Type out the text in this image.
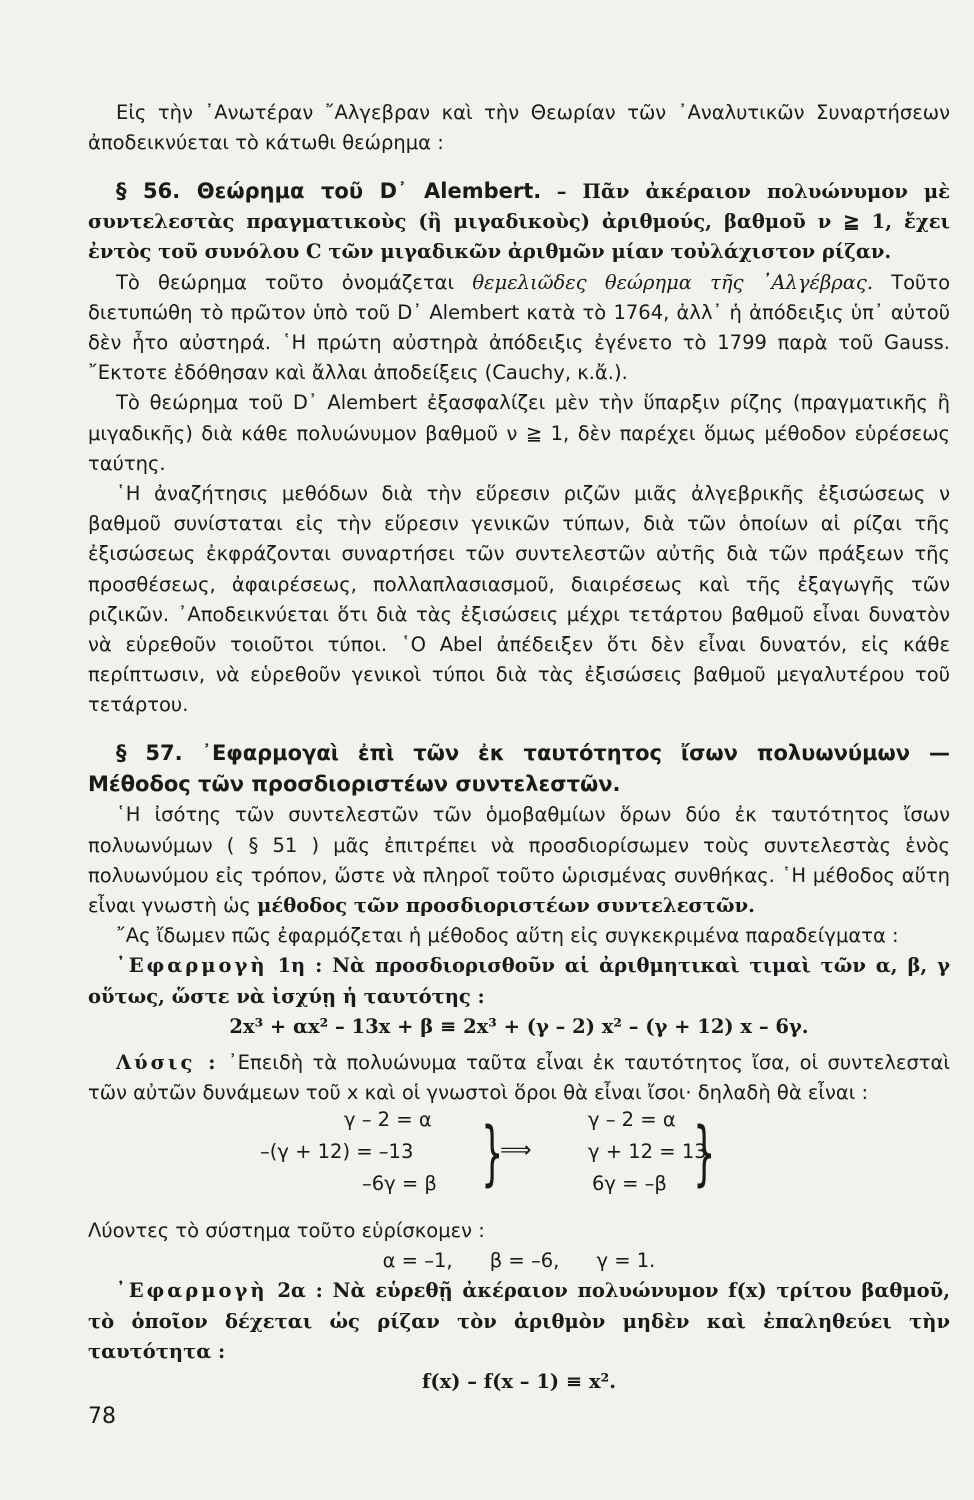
Εἰς τὴν ᾿Ανωτέραν ῎Αλγεβραν καὶ τὴν Θεωρίαν τῶν ᾿Αναλυτικῶν Συναρτήσεων ἀποδεικνύεται τὸ κάτωθι θεώρημα :

§ 56. Θεώρημα τοῦ D᾿ Alembert. – Πᾶν ἀκέραιον πολυώνυμον μὲ συντελεστὰς πραγματικοὺς (ἢ μιγαδικοὺς) ἀριθμούς, βαθμοῦ ν ≧ 1, ἔχει ἐντὸς τοῦ συνόλου C τῶν μιγαδικῶν ἀριθμῶν μίαν τοὐλάχιστον ρίζαν.

Τὸ θεώρημα τοῦτο ὀνομάζεται θεμελιῶδες θεώρημα τῆς ᾿Αλγέβρας. Τοῦτο διετυπώθη τὸ πρῶτον ὑπὸ τοῦ D᾿ Alembert κατὰ τὸ 1764, ἀλλ᾿ ἡ ἀπόδειξις ὑπ᾿ αὐτοῦ δὲν ἦτο αὐστηρά. ῾Η πρώτη αὐστηρὰ ἀπόδειξις ἐγένετο τὸ 1799 παρὰ τοῦ Gauss. ῎Εκτοτε ἐδόθησαν καὶ ἄλλαι ἀποδείξεις (Cauchy, κ.ἄ.).

Τὸ θεώρημα τοῦ D᾿ Alembert ἐξασφαλίζει μὲν τὴν ὕπαρξιν ρίζης (πραγματικῆς ἢ μιγαδικῆς) διὰ κάθε πολυώνυμον βαθμοῦ ν ≧ 1, δὲν παρέχει ὅμως μέθοδον εὑρέσεως ταύτης.

῾Η ἀναζήτησις μεθόδων διὰ τὴν εὕρεσιν ριζῶν μιᾶς ἀλγεβρικῆς ἐξισώσεως ν βαθμοῦ συνίσταται εἰς τὴν εὕρεσιν γενικῶν τύπων, διὰ τῶν ὁποίων αἱ ρίζαι τῆς ἐξισώσεως ἐκφράζονται συναρτήσει τῶν συντελεστῶν αὐτῆς διὰ τῶν πράξεων τῆς προσθέσεως, ἀφαιρέσεως, πολλαπλασιασμοῦ, διαιρέσεως καὶ τῆς ἐξαγωγῆς τῶν ριζικῶν. ᾿Αποδεικνύεται ὅτι διὰ τὰς ἐξισώσεις μέχρι τετάρτου βαθμοῦ εἶναι δυνατὸν νὰ εὑρεθοῦν τοιοῦτοι τύποι. ῾Ο Abel ἀπέδειξεν ὅτι δὲν εἶναι δυνατόν, εἰς κάθε περίπτωσιν, νὰ εὑρεθοῦν γενικοὶ τύποι διὰ τὰς ἐξισώσεις βαθμοῦ μεγαλυτέρου τοῦ τετάρτου.

§ 57. ᾿Εφαρμογαὶ ἐπὶ τῶν ἐκ ταυτότητος ἴσων πολυωνύμων — Μέθοδος τῶν προσδιοριστέων συντελεστῶν.

῾Η ἰσότης τῶν συντελεστῶν τῶν ὁμοβαθμίων ὅρων δύο ἐκ ταυτότητος ἴσων πολυωνύμων ( § 51 ) μᾶς ἐπιτρέπει νὰ προσδιορίσωμεν τοὺς συντελεστὰς ἑνὸς πολυωνύμου εἰς τρόπον, ὥστε νὰ πληροῖ τοῦτο ὡρισμένας συνθήκας. ῾Η μέθοδος αὕτη εἶναι γνωστὴ ὡς μέθοδος τῶν προσδιοριστέων συντελεστῶν.

῎Ας ἴδωμεν πῶς ἐφαρμόζεται ἡ μέθοδος αὕτη εἰς συγκεκριμένα παραδείγματα :

᾿Εφαρμογὴ 1η : Νὰ προσδιορισθοῦν αἱ ἀριθμητικαὶ τιμαὶ τῶν α, β, γ οὕτως, ὥστε νὰ ἰσχύῃ ἡ ταυτότης :

2x³ + αx² – 13x + β ≡ 2x³ + (γ – 2) x² – (γ + 12) x – 6γ.

Λύσις : ᾿Επειδὴ τὰ πολυώνυμα ταῦτα εἶναι ἐκ ταυτότητος ἴσα, οἱ συντελεσταὶ τῶν αὐτῶν δυνάμεων τοῦ x καὶ οἱ γνωστοὶ ὅροι θὰ εἶναι ἴσοι· δηλαδὴ θὰ εἶναι :

γ – 2 = α
–(γ + 12) = –13
–6γ = β }
⟹
γ – 2 = α
γ + 12 = 13
6γ = –β }

Λύοντες τὸ σύστημα τοῦτο εὑρίσκομεν :

α = –1,      β = –6,      γ = 1.

᾿Εφαρμογὴ 2α : Νὰ εὑρεθῇ ἀκέραιον πολυώνυμον f(x) τρίτου βαθμοῦ, τὸ ὁποῖον δέχεται ὡς ρίζαν τὸν ἀριθμὸν μηδὲν καὶ ἐπαληθεύει τὴν ταυτότητα :

f(x) – f(x – 1) ≡ x².

78
